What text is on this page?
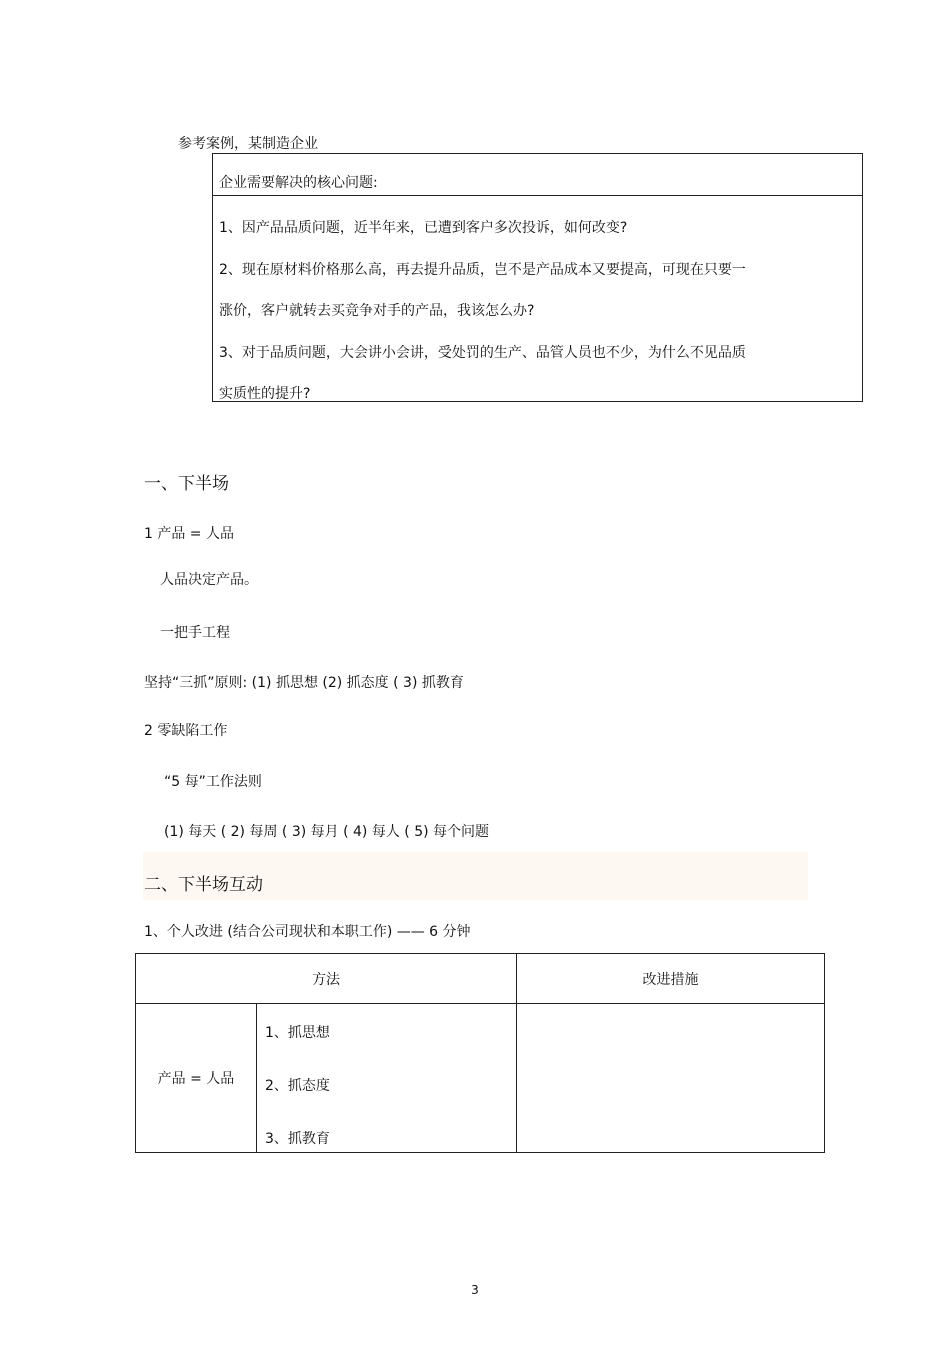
参考案例，某制造企业
企业需要解决的核心问题:
1、因产品品质问题，近半年来，已遭到客户多次投诉，如何改变?
2、现在原材料价格那么高，再去提升品质，岂不是产品成本又要提高，可现在只要一
涨价，客户就转去买竞争对手的产品，我该怎么办?
3、对于品质问题，大会讲小会讲，受处罚的生产、品管人员也不少，为什么不见品质
实质性的提升?
一、下半场
1 产品 = 人品
人品决定产品。
一把手工程
坚持“三抓”原则: (1) 抓思想 (2) 抓态度 ( 3) 抓教育
2 零缺陷工作
“5 每”工作法则
(1) 每天 ( 2) 每周 ( 3) 每月 ( 4) 每人 ( 5) 每个问题
二、下半场互动
1、个人改进 (结合公司现状和本职工作) —— 6 分钟
方法		改进措施
产品 = 人品	1、抓思想
2、抓态度
3、抓教育	

3
